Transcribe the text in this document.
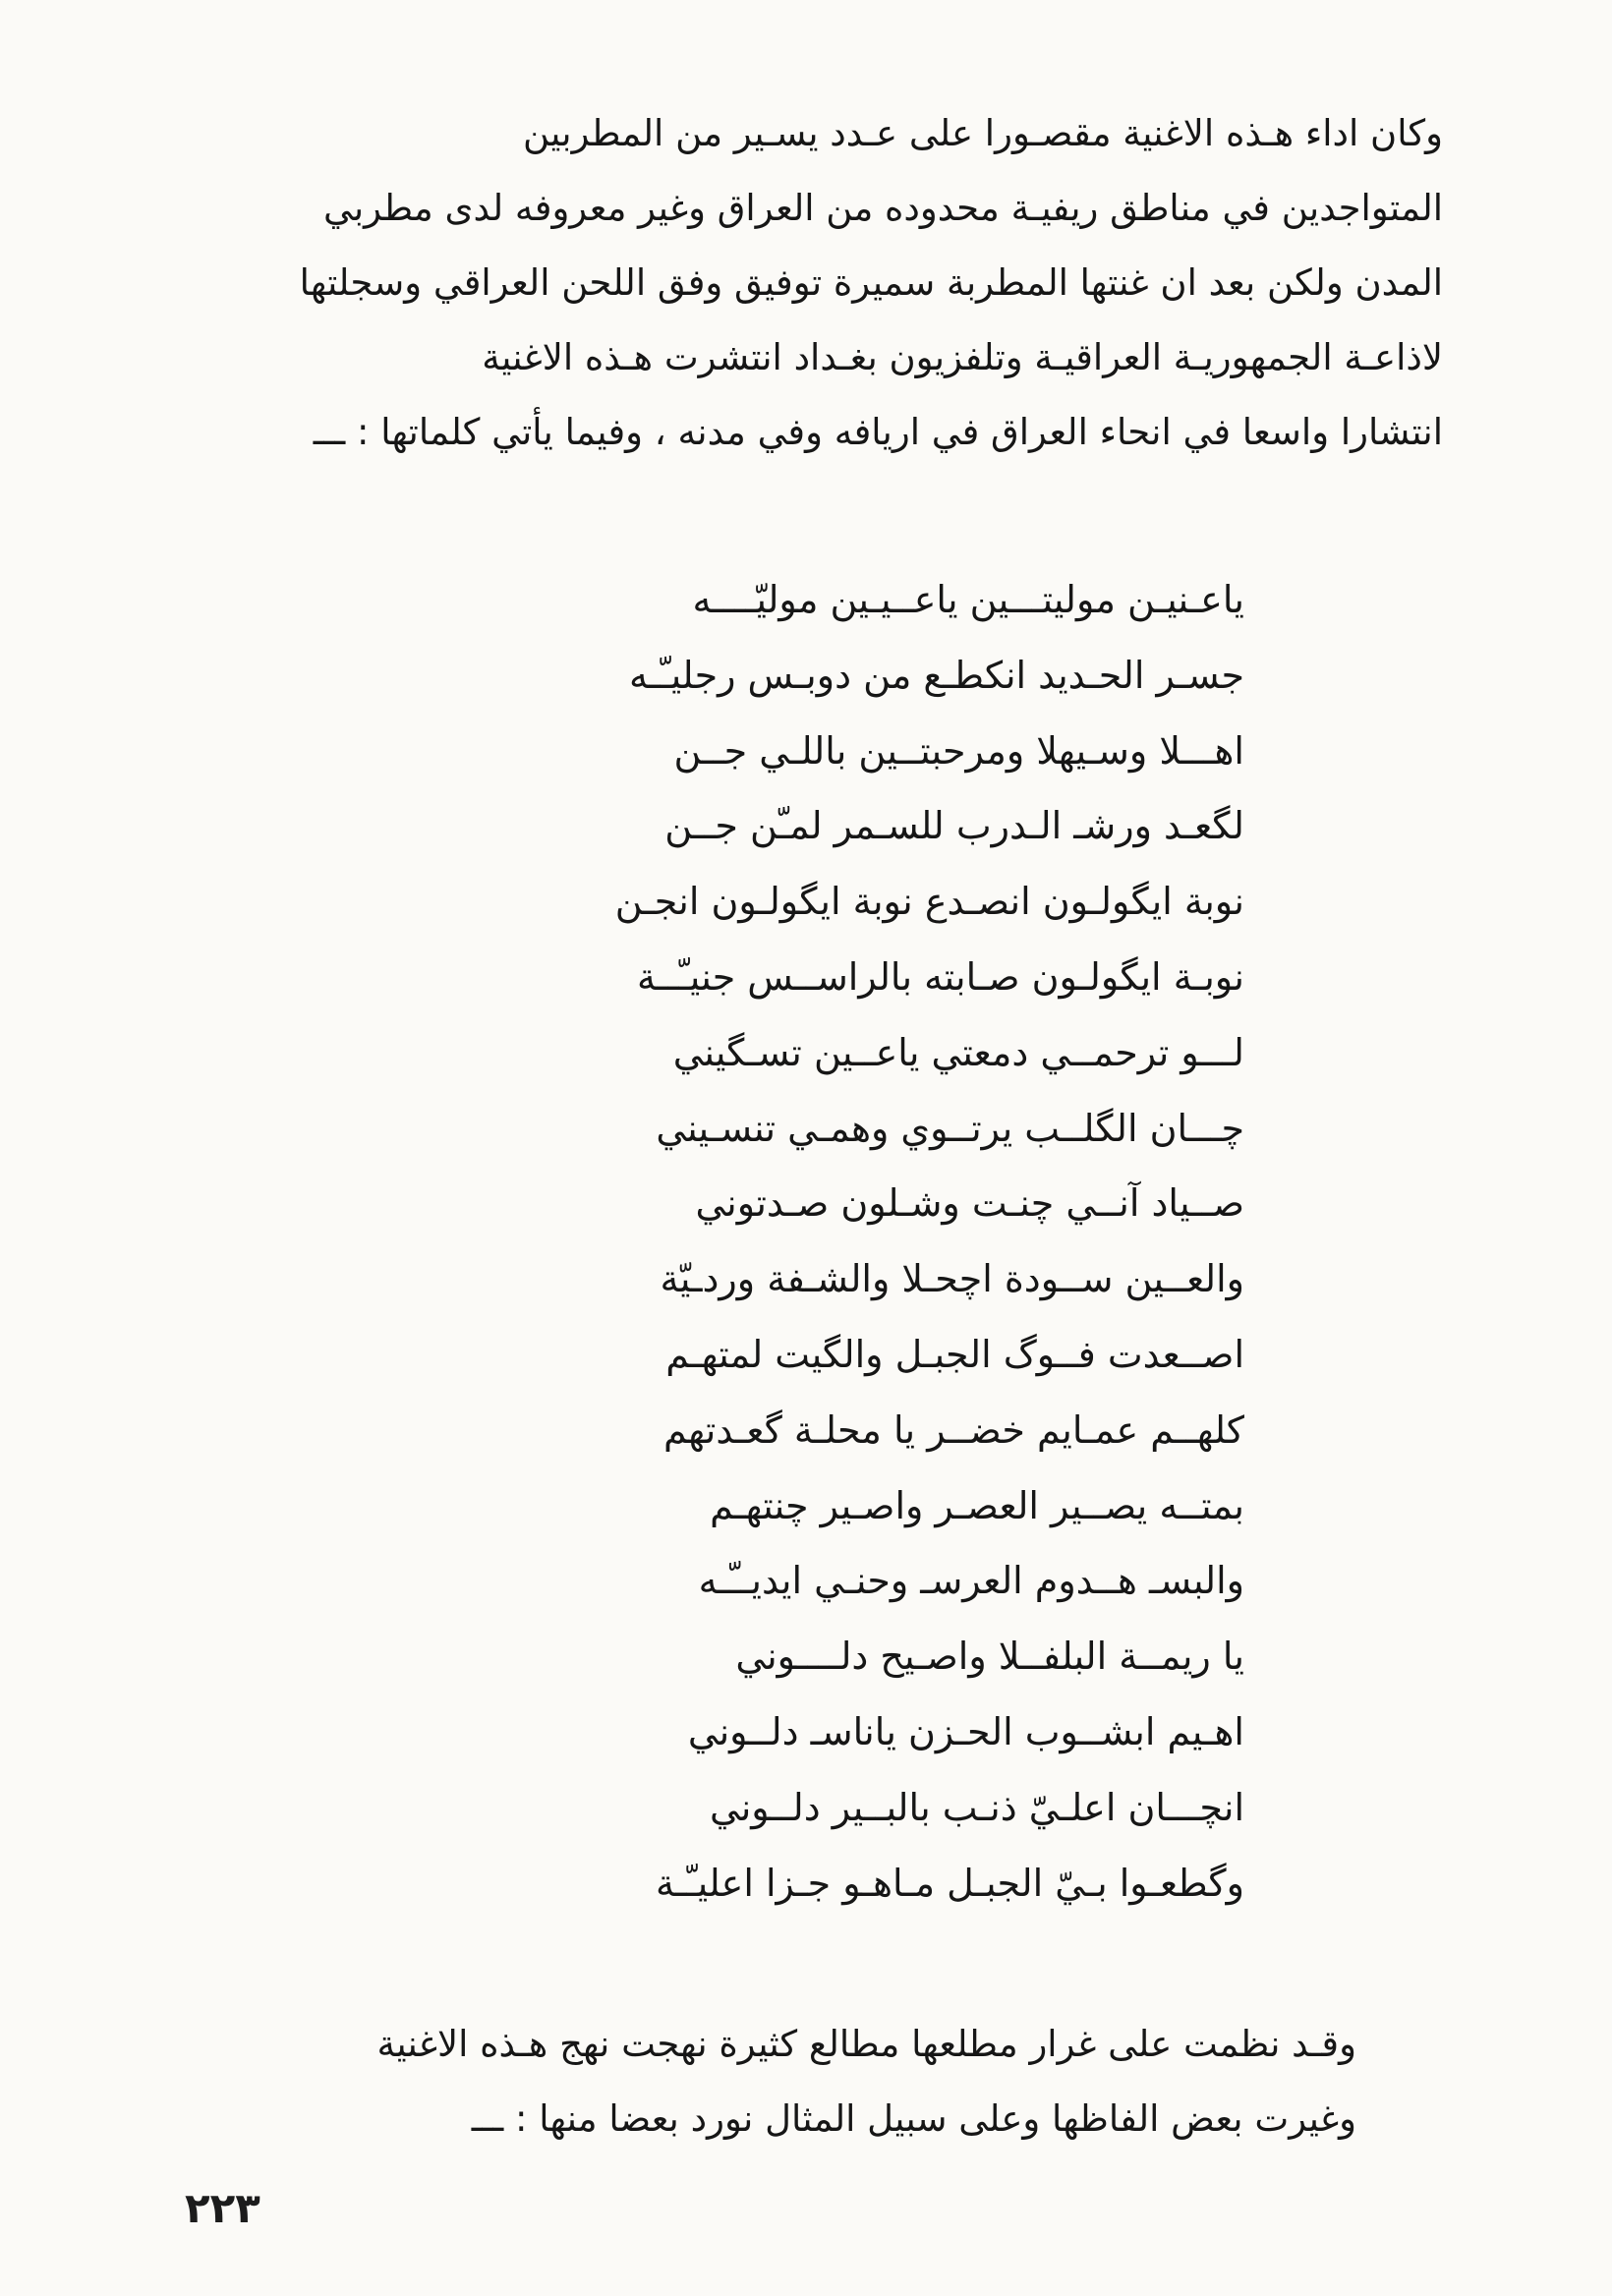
وكان اداء هـذه الاغنية مقصـورا على عـدد يسـير من المطربين
المتواجدين في مناطق ريفيـة محدوده من العراق وغير معروفه لدى مطربي
المدن ولكن بعد ان غنتها المطربة سميرة توفيق وفق اللحن العراقي وسجلتها
لاذاعـة الجمهوريـة العراقيـة وتلفزيون بغـداد انتشرت هـذه الاغنية
انتشارا واسعا في انحاء العراق في اريافه وفي مدنه ، وفيما يأتي كلماتها : ـــ
ياعـنيـن موليتـــين ياعــيـين موليّــــه
جسـر الحـديد انكطـع من دوبـس رجليـّـه
اهـــلا وسـيهلا ومرحبتــين باللـي جــن
لگعـد ورشـ الـدرب للسـمر لمـّن جــن
نوبة ايگولـون انصـدع نوبة ايگولـون انجـن
نوبـة ايگولـون صـابته بالراســس جنيـّــة
لـــو ترحمــي دمعتي ياعــين تسـگيني
چـــان الگلــب يرتــوي وهمـي تنسـيني
صــياد آنــي چنـت وشـلون صـدتوني
والعــين ســودة اچحـلا والشـفة وردـيّة
اصــعدت فــوگ الجبـل والگيت لمتهـم
كلهــم عمـايم خضــر يا محلـة گعـدتهم
بمتــه يصــير العصـر واصـير چنتهـم
والبسـ هــدوم العرسـ وحنـي ايديــّـه
يا ريمــة البلفــلا واصـيح دلــــوني
اهـيم ابشــوب الحـزن ياناسـ دلــوني
انچـــان اعلـيّ ذنـب بالبــير دلــوني
وگطعـوا بـيّ الجبـل مـاهـو جـزا اعليـّـة
وقـد نظمت على غرار مطلعها مطالع كثيرة نهجت نهج هـذه الاغنية
وغيرت بعض الفاظها وعلى سبيل المثال نورد بعضا منها : ـــ
٢٢٣
